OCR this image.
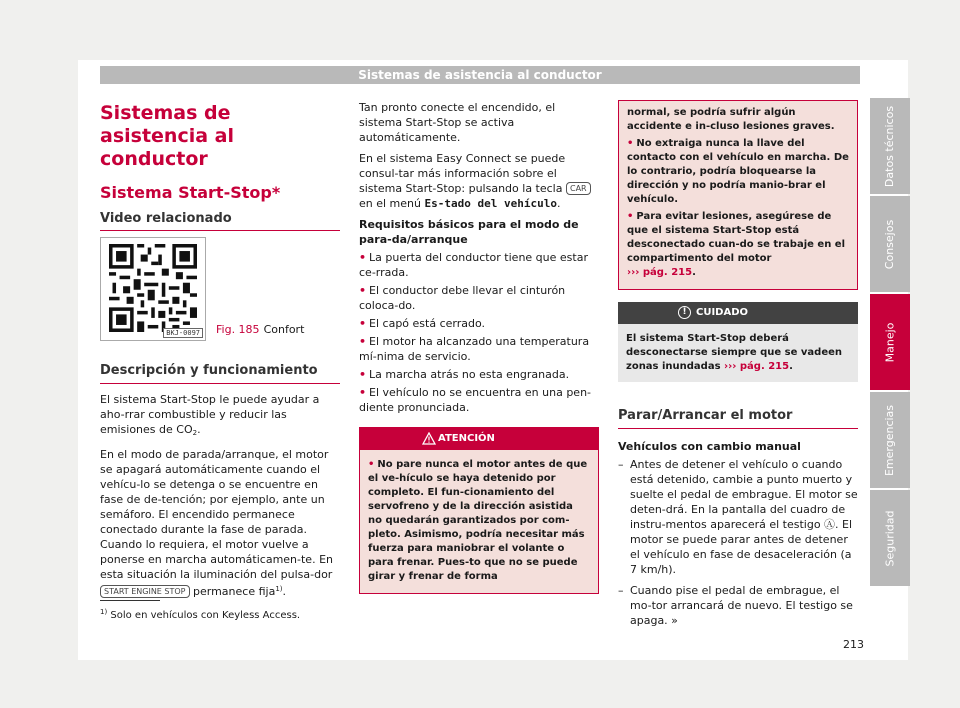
Sistemas de asistencia al conductor
Sistemas de asistencia al conductor
Sistema Start-Stop*
Video relacionado
BKJ-0097 Fig. 185 Confort
Descripción y funcionamiento

El sistema Start-Stop le puede ayudar a aho-rrar combustible y reducir las emisiones de $CO_2$.

En el modo de parada/arranque, el motor se apagará automáticamente cuando el vehícu-lo se detenga o se encuentre en fase de de-tención; por ejemplo, ante un semáforo. El encendido permanece conectado durante la fase de parada. Cuando lo requiera, el motor vuelve a ponerse en marcha automáticamen-te. En esta situación la iluminación del pulsa-dor START ENGINE STOP permanece fija$^{1)}$.

Tan pronto conecte el encendido, el sistema Start-Stop se activa automáticamente.

En el sistema Easy Connect se puede consul-tar más información sobre el sistema Start-Stop: pulsando la tecla CAR en el menú Es-tado del vehículo.

Requisitos básicos para el modo de para-da/arranque

• La puerta del conductor tiene que estar ce-rrada.
• El conductor debe llevar el cinturón coloca-do.
• El capó está cerrado.
• El motor ha alcanzado una temperatura mí-nima de servicio.
• La marcha atrás no esta engranada.
• El vehículo no se encuentra en una pen-diente pronunciada.
ATENCIÓN
• No pare nunca el motor antes de que el ve-hículo se haya detenido por completo. El fun-cionamiento del servofreno y de la dirección asistida no quedarán garantizados por com-pleto. Asimismo, podría necesitar más fuerza para maniobrar el volante o para frenar. Pues-to que no se puede girar y frenar de forma
normal, se podría sufrir algún accidente e in-cluso lesiones graves.
• No extraiga nunca la llave del contacto con el vehículo en marcha. De lo contrario, podría bloquearse la dirección y no podría manio-brar el vehículo.
• Para evitar lesiones, asegúrese de que el sistema Start-Stop está desconectado cuan-do se trabaje en el compartimento del motor
››› pág. 215.
! CUIDADO
El sistema Start-Stop deberá desconectarse siempre que se vadeen zonas inundadas ››› pág. 215.
Parar/Arrancar el motor

Vehículos con cambio manual

– Antes de detener el vehículo o cuando está detenido, cambie a punto muerto y suelte el pedal de embrague. El motor se deten-drá. En la pantalla del cuadro de instru-mentos aparecerá el testigo Ⓐ. El motor se puede parar antes de detener el vehículo en fase de desaceleración (a 7 km/h).
– Cuando pise el pedal de embrague, el mo-tor arrancará de nuevo. El testigo se apaga. »
$^{1)}$ Solo en vehículos con Keyless Access.
213
Datos técnicos
Consejos
Manejo
Emergencias
Seguridad
